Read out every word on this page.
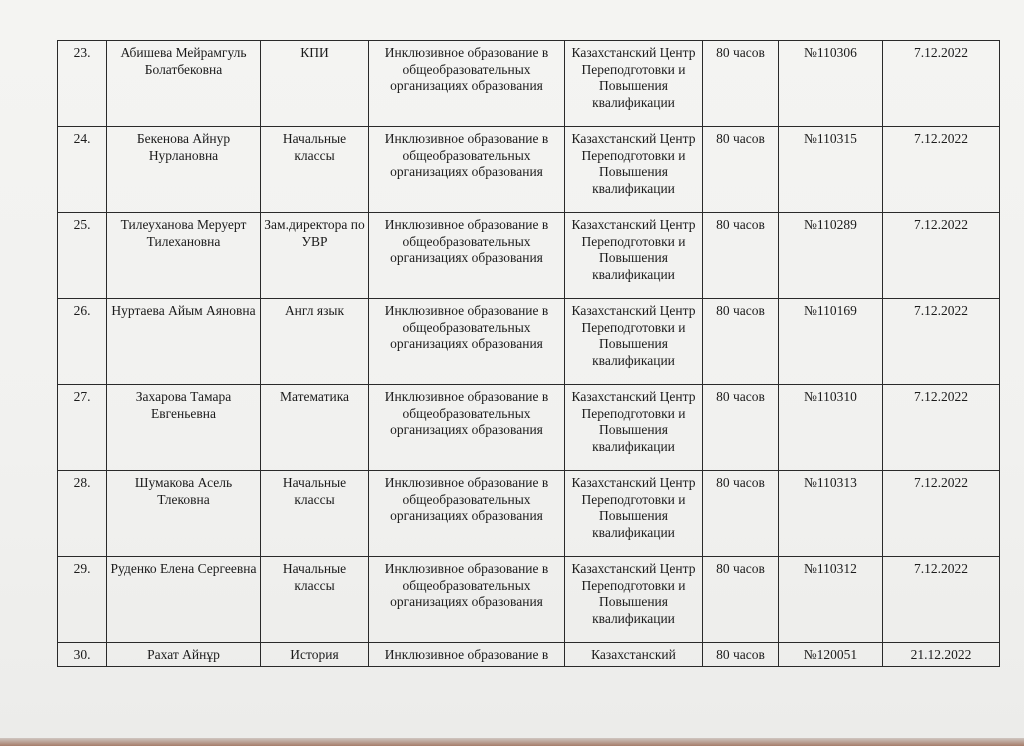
23.	Абишева Мейрамгуль Болатбековна	КПИ	Инклюзивное образование в общеобразовательных организациях образования	Казахстанский Центр Переподготовки и Повышения квалификации	80 часов	№110306	7.12.2022
24.	Бекенова Айнур Нурлановна	Начальные классы	Инклюзивное образование в общеобразовательных организациях образования	Казахстанский Центр Переподготовки и Повышения квалификации	80 часов	№110315	7.12.2022
25.	Тилеуханова Меруерт Тилехановна	Зам.директора по УВР	Инклюзивное образование в общеобразовательных организациях образования	Казахстанский Центр Переподготовки и Повышения квалификации	80 часов	№110289	7.12.2022
26.	Нуртаева Айым Аяновна	Англ язык	Инклюзивное образование в общеобразовательных организациях образования	Казахстанский Центр Переподготовки и Повышения квалификации	80 часов	№110169	7.12.2022
27.	Захарова Тамара Евгеньевна	Математика	Инклюзивное образование в общеобразовательных организациях образования	Казахстанский Центр Переподготовки и Повышения квалификации	80 часов	№110310	7.12.2022
28.	Шумакова Асель Тлековна	Начальные классы	Инклюзивное образование в общеобразовательных организациях образования	Казахстанский Центр Переподготовки и Повышения квалификации	80 часов	№110313	7.12.2022
29.	Руденко Елена Сергеевна	Начальные классы	Инклюзивное образование в общеобразовательных организациях образования	Казахстанский Центр Переподготовки и Повышения квалификации	80 часов	№110312	7.12.2022
30.	Рахат Айнұр	История	Инклюзивное образование в	Казахстанский	80 часов	№120051	21.12.2022
